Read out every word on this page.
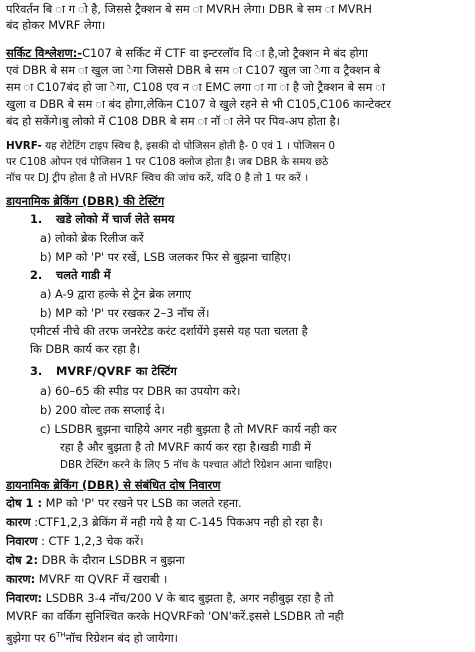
परिवर्तन बि ा ग ो है, जिससे ट्रैक्शन बे सम ा MVRH लेगा। DBR बे सम ा MVRH
बंद होकर MVRF लेगा।
सर्किट विश्लेशण:-C107 बे सर्किट में CTF वा इन्टरलॉव दि ा है,जो ट्रैक्शन मे बंद होगा
एवं DBR बे सम ा खुल जा ेगा जिससे DBR बे सम ा C107 खुल जा ेगा व ट्रैक्शन बे
सम ा C107बंद हो जा ेगा, C108 एव न ा EMC लगा ा गा ा है जो ट्रैक्शन बे सम ा
खुला व DBR बे सम ा बंद होगा,लेकिन C107 वे खुले रहने से भी C105,C106 कान्टेक्टर
बंद हो सकेंगे।बु लोको में C108 DBR बे सम ा नॉ ा लेने पर पिव-अप होता है।
HVRF- यह रोटेटिंग टाइप स्विच है, इसकी दो पोजिसन होती है- 0 एवं 1 । पोजिसन 0
पर C108 ओपन एवं पोजिसन 1 पर C108 क्लोज होता है। जब DBR के समय छठे
नॉच पर DJ ट्रीप होता है तो HVRF स्विच की जांच करें, यदि 0 है तो 1 पर करें ।
डायनामिक ब्रेकिंग (DBR) की टेस्टिंग
1. खडे लोको में चार्ज लेते समय
a) लोको ब्रेक रिलीज करें
b) MP को 'P' पर रखें, LSB जलकर फिर से बुझना चाहिए।
2. चलते गाडी में
a) A-9 द्वारा हल्के से ट्रेन ब्रेक लगाए
b) MP को 'P' पर रखकर 2–3 नॉच लें।
एमीटर्स नीचे की तरफ जनरेटेड करंट दर्शायेंगे इससे यह पता चलता है
कि DBR कार्य कर रहा है।
3. MVRF/QVRF का टेस्टिंग
a) 60–65 की स्पीड पर DBR का उपयोग करे।
b) 200 वोल्ट तक सप्लाई दे।
c) LSDBR बुझना चाहिये अगर नही बुझता है तो MVRF कार्य नही कर
रहा है और बुझता है तो MVRF कार्य कर रहा है।खडी गाडी में
DBR टेस्टिंग करने के लिए 5 नॉच के पश्चात ऑटो रिग्रेशन आना चाहिए।
डायनामिक ब्रेकिंग (DBR) से संबंधित दोष निवारण
दोष 1 : MP को 'P' पर रखने पर LSB का जलते रहना.
कारण :CTF1,2,3 ब्रेकिंग में नही गये है या C-145 पिकअप नही हो रहा है।
निवारण : CTF 1,2,3 चेक करें।
दोष 2: DBR के दौरान LSDBR न बुझना
कारण: MVRF या QVRF में खराबी ।
निवारण: LSDBR 3-4 नॉच/200 V के बाद बुझता है, अगर नहीबुझ रहा है तो
MVRF का वर्किग सुनिश्चित करके HQVRFको 'ON'करें.इससे LSDBR तो नही
बुझेगा पर 6THनॉच रिग्रेशन बंद हो जायेगा।
